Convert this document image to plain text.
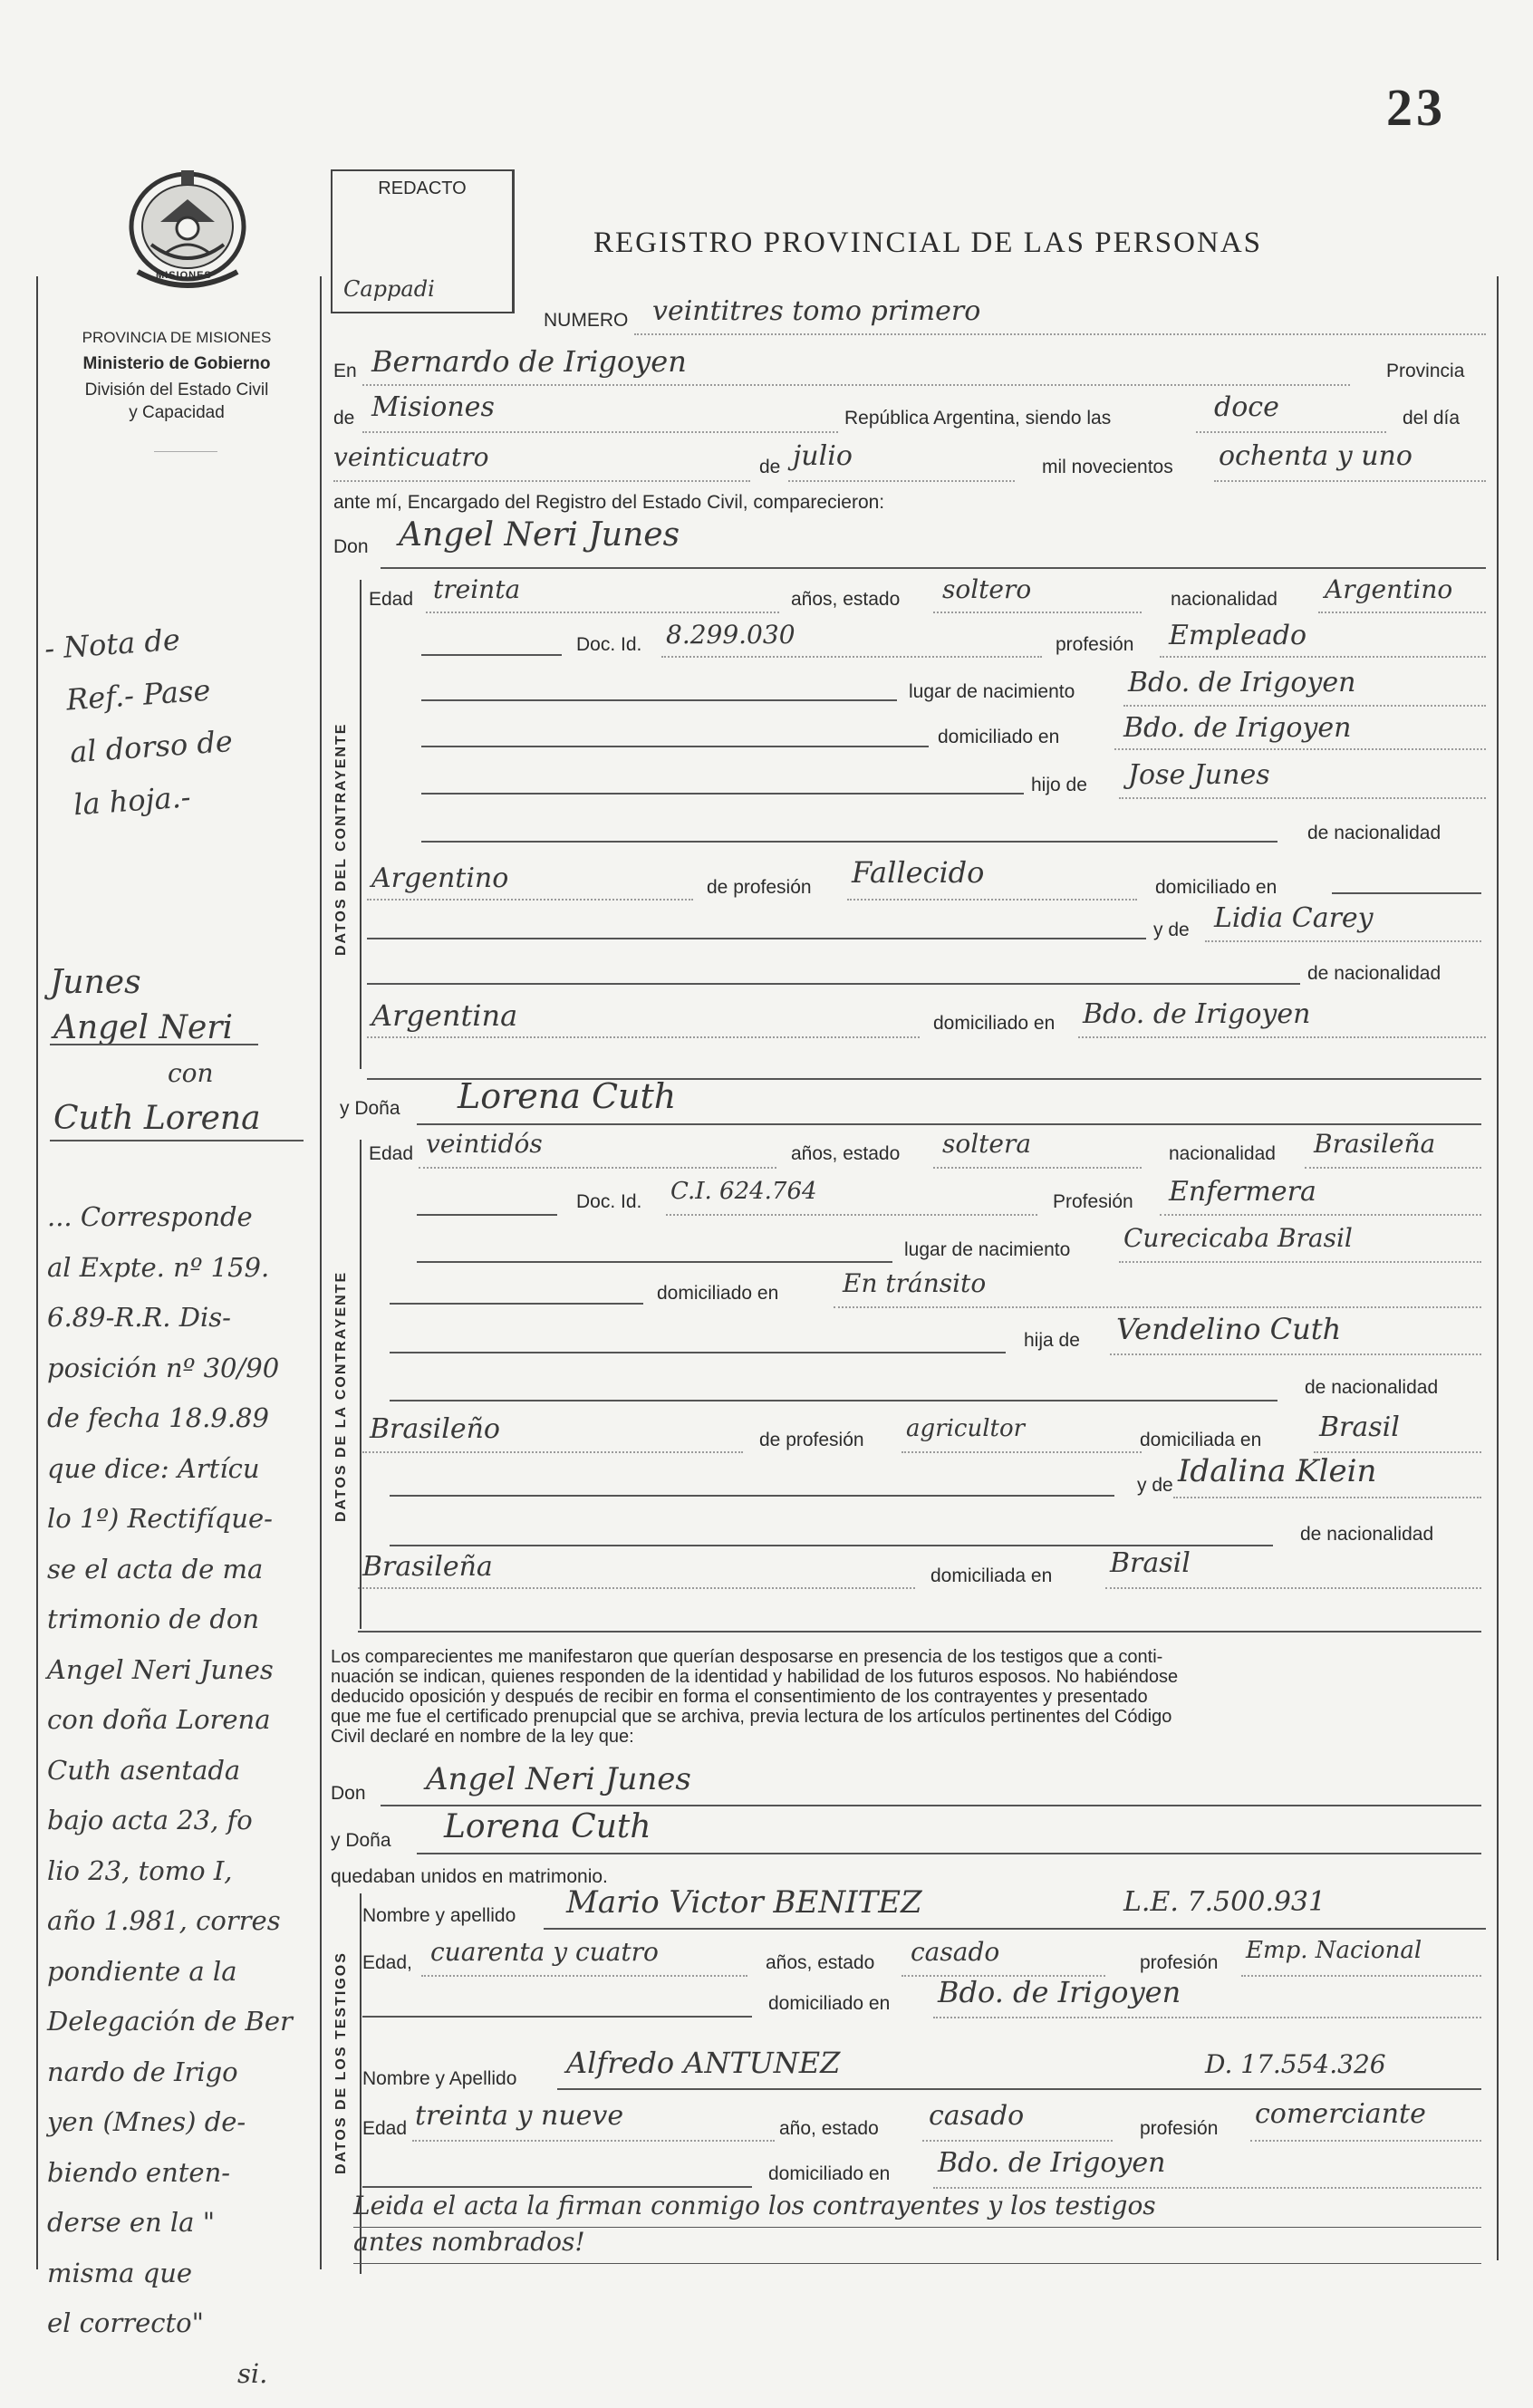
23
MISIONES
PROVINCIA DE MISIONES
Ministerio de Gobierno
División del Estado Civil
y Capacidad
REDACTO
Cappadi
REGISTRO PROVINCIAL DE LAS PERSONAS
NUMERO veintitres tomo primero
En Bernardo de Irigoyen	Provincia
de Misiones	República Argentina, siendo las	doce	del día
veinticuatro	de julio	mil novecientos ochenta y uno
ante mí, Encargado del Registro del Estado Civil, comparecieron:
Don Angel Neri Junes
DATOS DEL CONTRAYENTE
Edad treinta	años, estado soltero	nacionalidad Argentino
Doc. Id. 8.299.030	profesión Empleado
lugar de nacimiento Bdo. de Irigoyen
domiciliado en Bdo. de Irigoyen
hijo de Jose Junes
de nacionalidad
Argentino	de profesión Fallecido	domiciliado en
y de Lidia Carey
de nacionalidad
Argentina	domiciliado en Bdo. de Irigoyen
y Doña Lorena Cuth
DATOS DE LA CONTRAYENTE
Edad veintidós	años, estado soltera	nacionalidad Brasileña
Doc. Id. C.I. 624.764	Profesión Enfermera
lugar de nacimiento Curecicaba Brasil
domiciliado en	En tránsito
hija de Vendelino Cuth
de nacionalidad
Brasileño	de profesión agricultor	domiciliada en Brasil
y de Idalina Klein
de nacionalidad
Brasileña	domiciliada en Brasil
Los comparecientes me manifestaron que querían desposarse en presencia de los testigos que a conti-
nuación se indican, quienes responden de la identidad y habilidad de los futuros esposos. No habiéndose
deducido oposición y después de recibir en forma el consentimiento de los contrayentes y presentado
que me fue el certificado prenupcial que se archiva, previa lectura de los artículos pertinentes del Código
Civil declaré en nombre de la ley que:
Don Angel Neri Junes
y Doña Lorena Cuth
quedaban unidos en matrimonio.
DATOS DE LOS TESTIGOS
Nombre y apellido Mario Victor BENITEZ	L.E. 7.500.931
Edad, cuarenta y cuatro	años, estado casado	profesión Emp. Nacional
domiciliado en Bdo. de Irigoyen
Nombre y Apellido Alfredo ANTUNEZ	D. 17.554.326
Edad treinta y nueve	año, estado casado	profesión comerciante
domiciliado en Bdo. de Irigoyen
Leida el acta la firman conmigo los contrayentes y los testigos
antes nombrados!
- Nota de
Ref.- Pase
al dorso de
la hoja.-
Junes
Angel Neri
con
Cuth Lorena
... Corresponde
al Expte. nº 159.
6.89-R.R. Dis-
posición nº 30/90
de fecha 18.9.89
que dice: Artícu
lo 1º) Rectifíque-
se el acta de ma
trimonio de don
Angel Neri Junes
con doña Lorena
Cuth asentada
bajo acta 23, fo
lio 23, tomo I,
año 1.981, corres
pondiente a la
Delegación de Ber
nardo de Irigo
yen (Mnes) de-
biendo enten-
derse en la "
misma que
el correcto"
si.
